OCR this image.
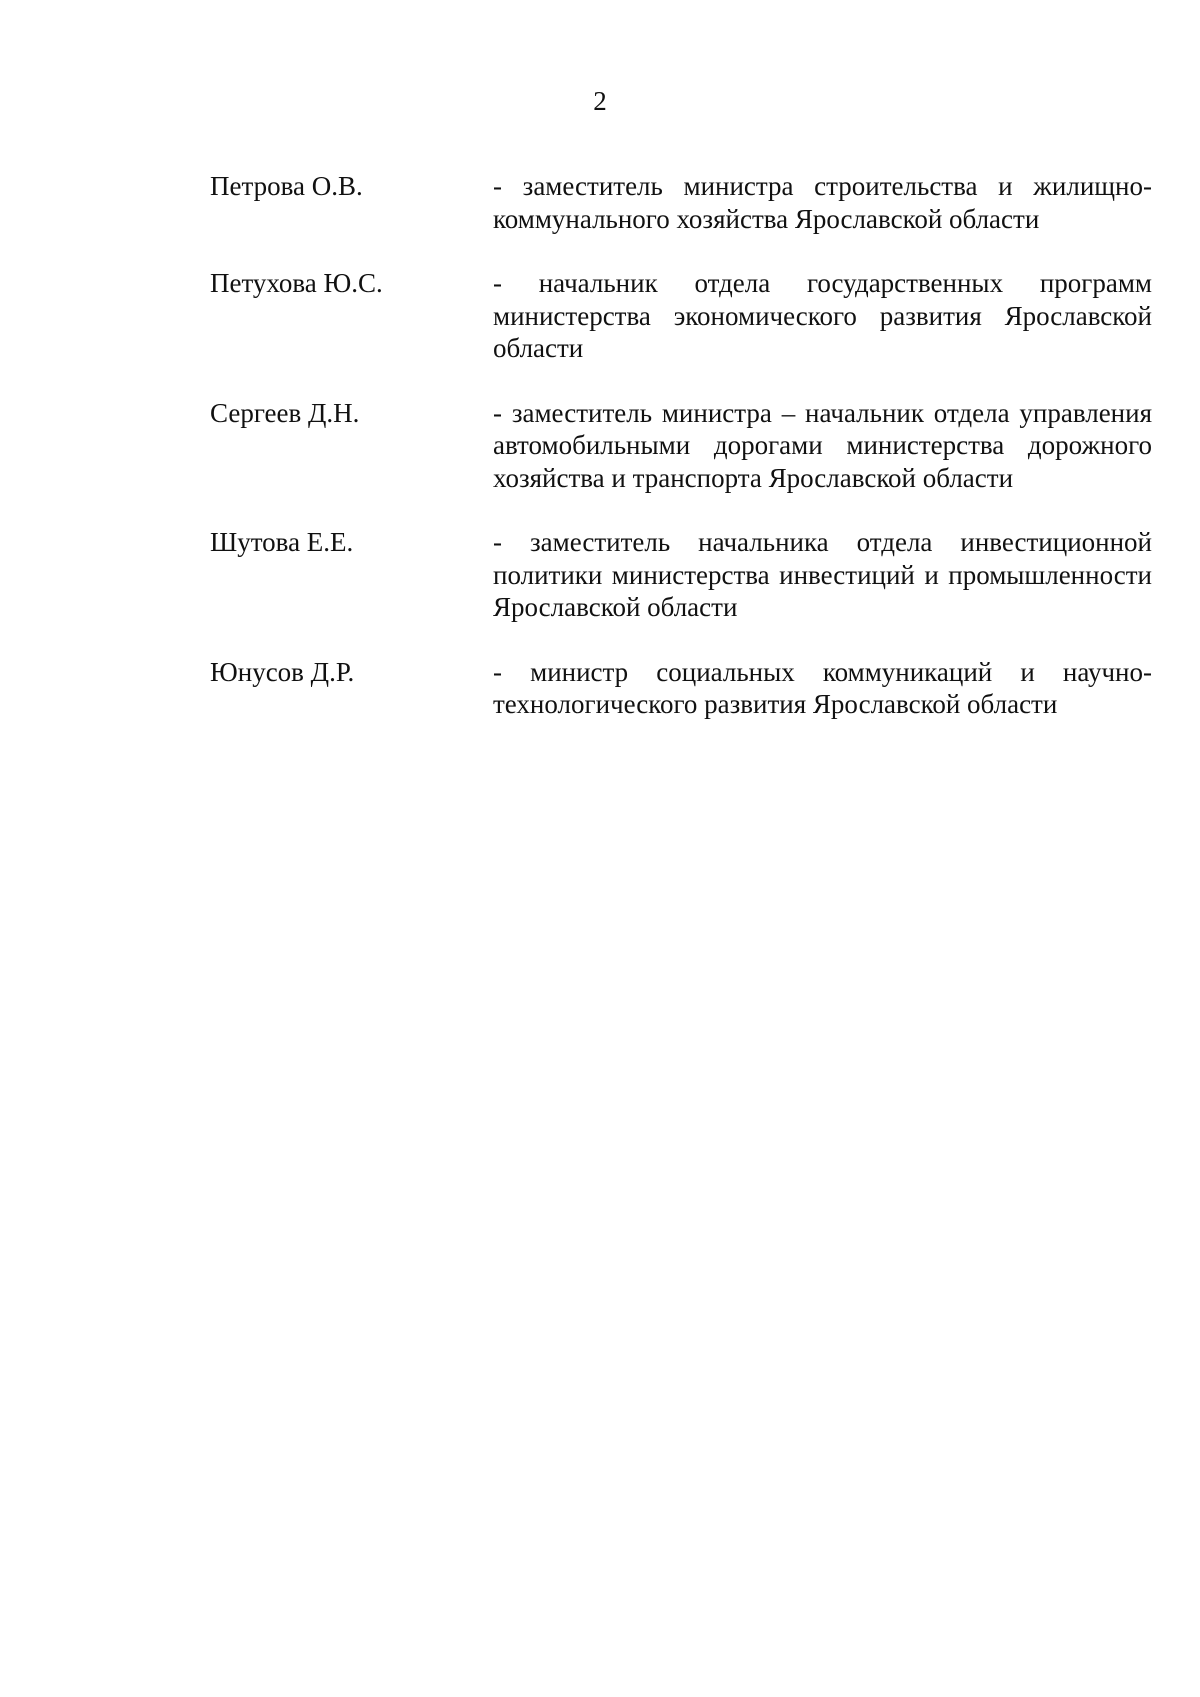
2
Петрова О.В.	- заместитель министра строительства и жилищно-коммунального хозяйства Ярославской области
Петухова Ю.С.	- начальник отдела государственных программ министерства экономического развития Ярославской области
Сергеев Д.Н.	- заместитель министра – начальник отдела управления автомобильными дорогами министерства дорожного хозяйства и транспорта Ярославской области
Шутова Е.Е.	- заместитель начальника отдела инвестиционной политики министерства инвестиций и промышленности Ярославской области
Юнусов Д.Р.	- министр социальных коммуникаций и научно-технологического развития Ярославской области
